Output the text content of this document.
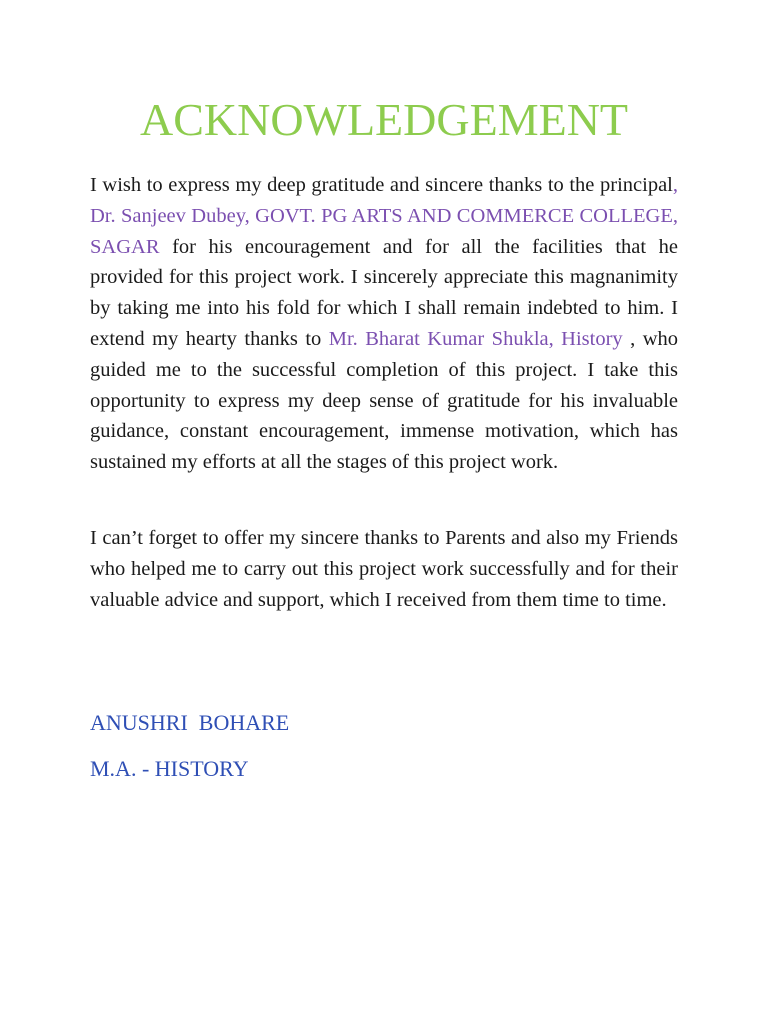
ACKNOWLEDGEMENT

I wish to express my deep gratitude and sincere thanks to the principal, Dr. Sanjeev Dubey, GOVT. PG ARTS AND COMMERCE COLLEGE, SAGAR for his encouragement and for all the facilities that he provided for this project work. I sincerely appreciate this magnanimity by taking me into his fold for which I shall remain indebted to him. I extend my hearty thanks to Mr. Bharat Kumar Shukla, History , who guided me to the successful completion of this project. I take this opportunity to express my deep sense of gratitude for his invaluable guidance, constant encouragement, immense motivation, which has sustained my efforts at all the stages of this project work.

I can’t forget to offer my sincere thanks to Parents and also my Friends who helped me to carry out this project work successfully and for their valuable advice and support, which I received from them time to time.

ANUSHRI  BOHARE

M.A. - HISTORY
